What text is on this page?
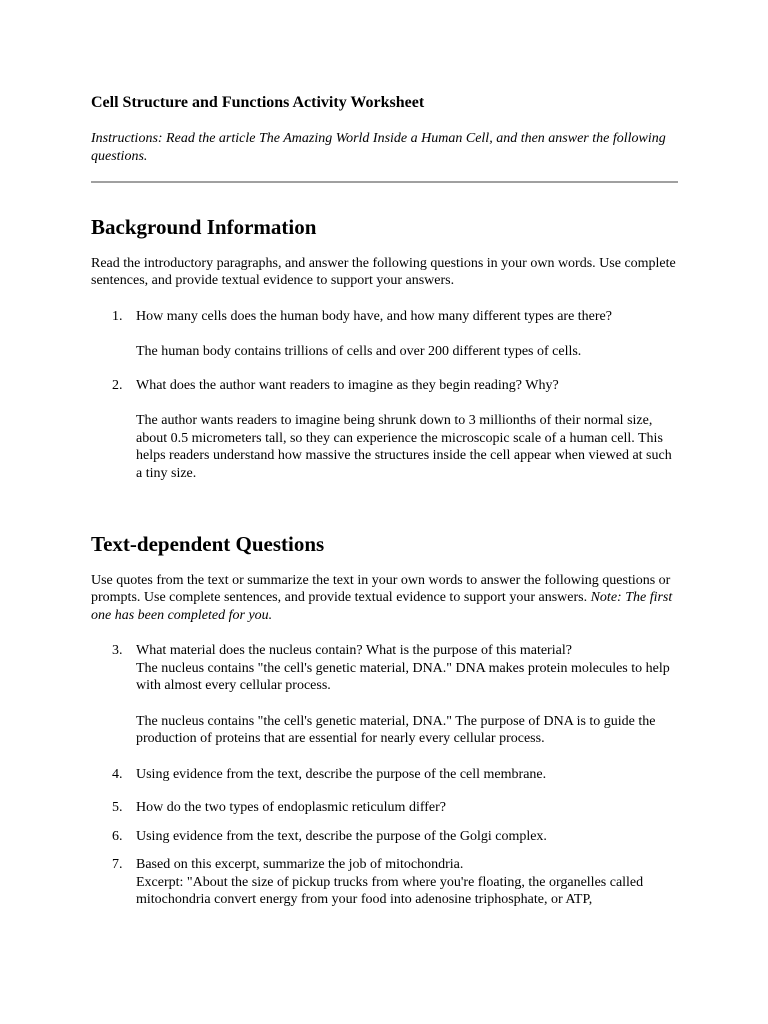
Cell Structure and Functions Activity Worksheet

Instructions: Read the article The Amazing World Inside a Human Cell, and then answer the following questions.

Background Information

Read the introductory paragraphs, and answer the following questions in your own words. Use complete sentences, and provide textual evidence to support your answers.

1. How many cells does the human body have, and how many different types are there?

The human body contains trillions of cells and over 200 different types of cells.

2. What does the author want readers to imagine as they begin reading? Why?

The author wants readers to imagine being shrunk down to 3 millionths of their normal size, about 0.5 micrometers tall, so they can experience the microscopic scale of a human cell. This helps readers understand how massive the structures inside the cell appear when viewed at such a tiny size.

Text-dependent Questions

Use quotes from the text or summarize the text in your own words to answer the following questions or prompts. Use complete sentences, and provide textual evidence to support your answers. Note: The first one has been completed for you.

3. What material does the nucleus contain? What is the purpose of this material?

The nucleus contains "the cell's genetic material, DNA." DNA makes protein molecules to help with almost every cellular process.

The nucleus contains "the cell's genetic material, DNA." The purpose of DNA is to guide the production of proteins that are essential for nearly every cellular process.

4. Using evidence from the text, describe the purpose of the cell membrane.

5. How do the two types of endoplasmic reticulum differ?

6. Using evidence from the text, describe the purpose of the Golgi complex.

7. Based on this excerpt, summarize the job of mitochondria.

Excerpt: "About the size of pickup trucks from where you're floating, the organelles called mitochondria convert energy from your food into adenosine triphosphate, or ATP,
